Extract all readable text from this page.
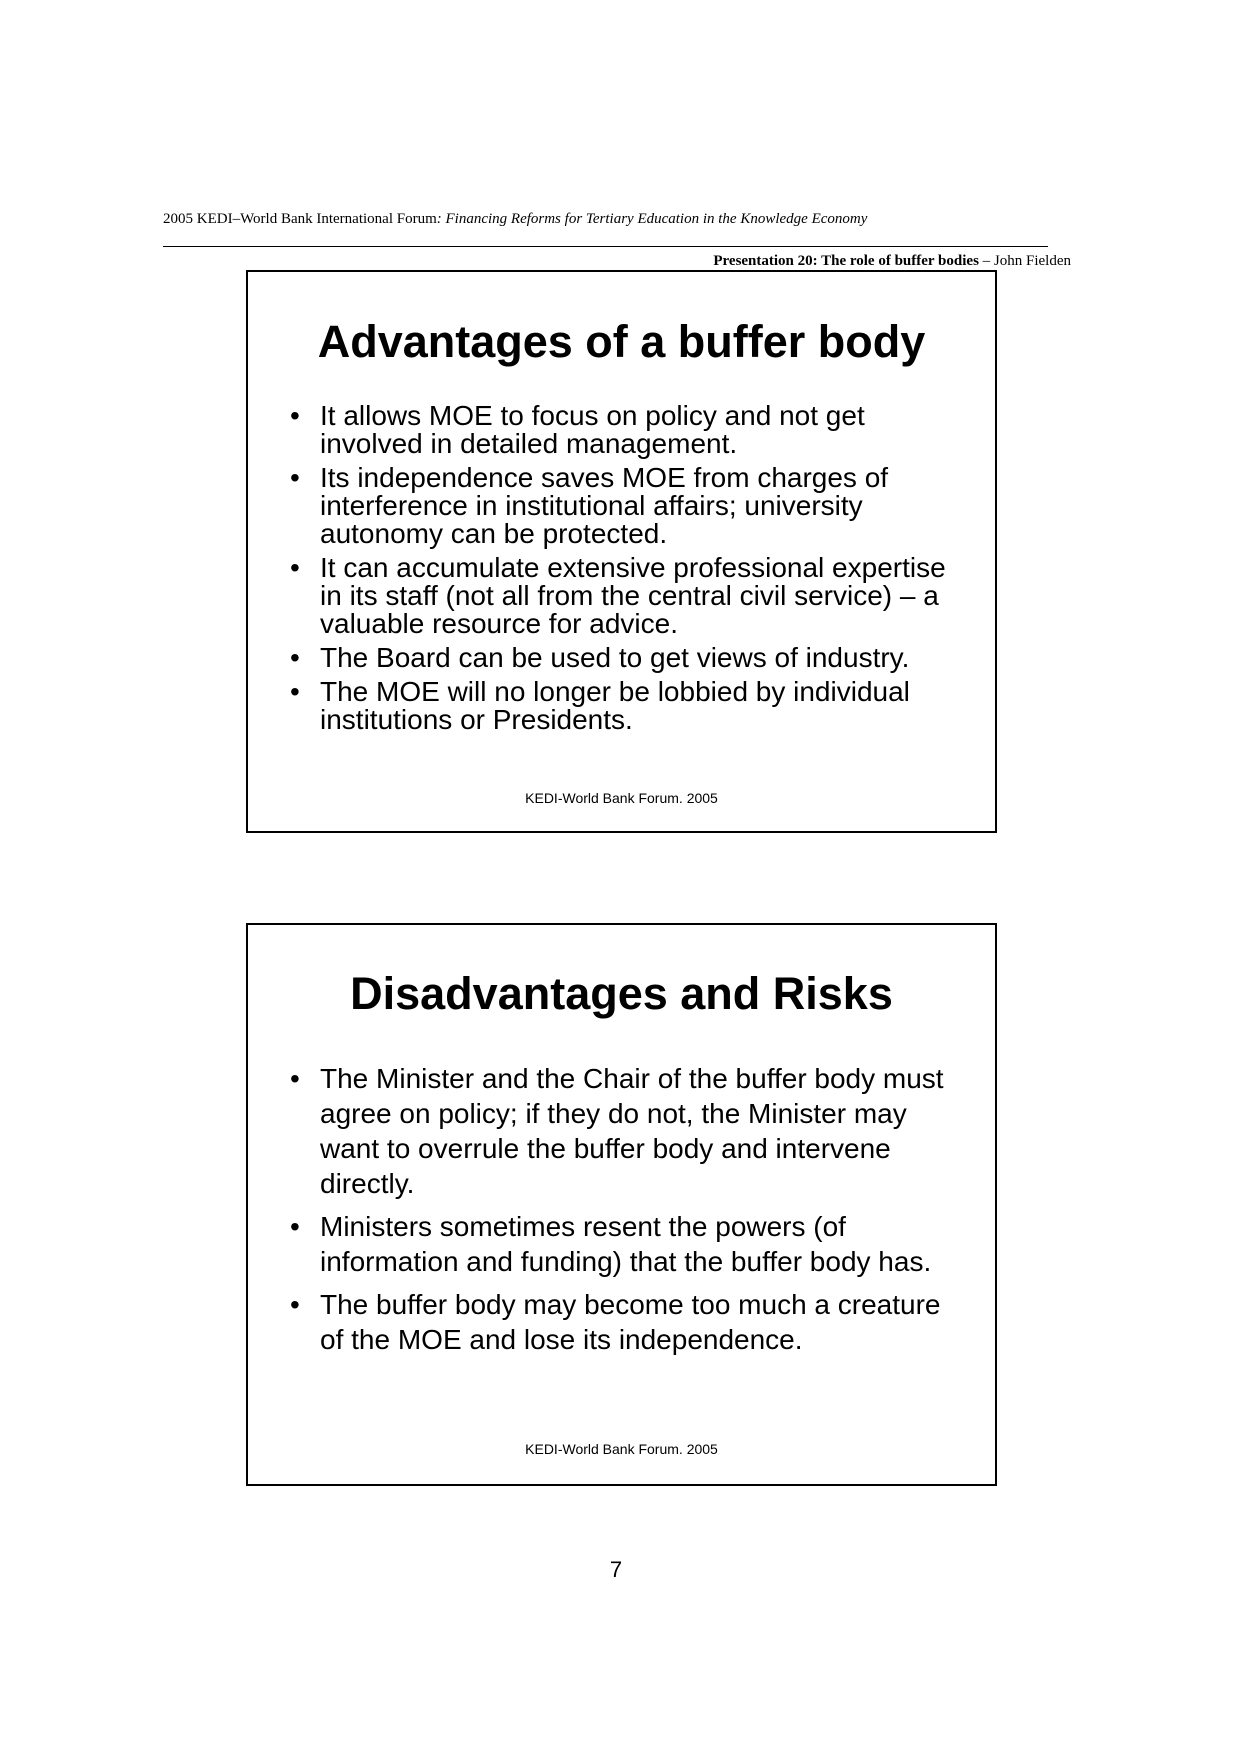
2005 KEDI–World Bank International Forum: Financing Reforms for Tertiary Education in the Knowledge Economy
Presentation 20: The role of buffer bodies – John Fielden
Advantages of a buffer body
• It allows MOE to focus on policy and not get involved in detailed management.
• Its independence saves MOE from charges of interference in institutional affairs; university autonomy can be protected.
• It can accumulate extensive professional expertise in its staff (not all from the central civil service) – a valuable resource for advice.
• The Board can be used to get views of industry.
• The MOE will no longer be lobbied by individual institutions or Presidents.
KEDI-World Bank Forum. 2005
Disadvantages and Risks
• The Minister and the Chair of the buffer body must agree on policy; if they do not, the Minister may want to overrule the buffer body and intervene directly.
• Ministers sometimes resent the powers (of information and funding) that the buffer body has.
• The buffer body may become too much a creature of the MOE and lose its independence.
KEDI-World Bank Forum. 2005
7
